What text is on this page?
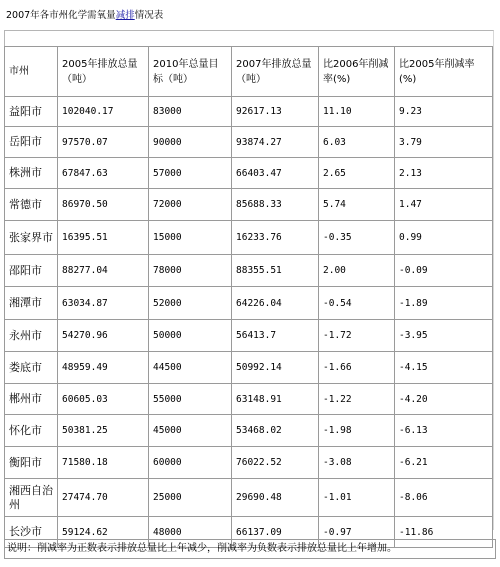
2007年各市州化学需氧量减排情况表
市州	2005年排放总量（吨）	2010年总量目标（吨）	2007年排放总量（吨）	比2006年削减率(%)	比2005年削减率(%)
益阳市	102040.17	83000	92617.13	11.10	9.23
岳阳市	97570.07	90000	93874.27	6.03	3.79
株洲市	67847.63	57000	66403.47	2.65	2.13
常德市	86970.50	72000	85688.33	5.74	1.47
张家界市	16395.51	15000	16233.76	-0.35	0.99
邵阳市	88277.04	78000	88355.51	2.00	-0.09
湘潭市	63034.87	52000	64226.04	-0.54	-1.89
永州市	54270.96	50000	56413.7	-1.72	-3.95
娄底市	48959.49	44500	50992.14	-1.66	-4.15
郴州市	60605.03	55000	63148.91	-1.22	-4.20
怀化市	50381.25	45000	53468.02	-1.98	-6.13
衡阳市	71580.18	60000	76022.52	-3.08	-6.21
湘西自治州	27474.70	25000	29690.48	-1.01	-8.06
长沙市	59124.62	48000	66137.09	-0.97	-11.86
说明：削减率为正数表示排放总量比上年减少，削减率为负数表示排放总量比上年增加。
